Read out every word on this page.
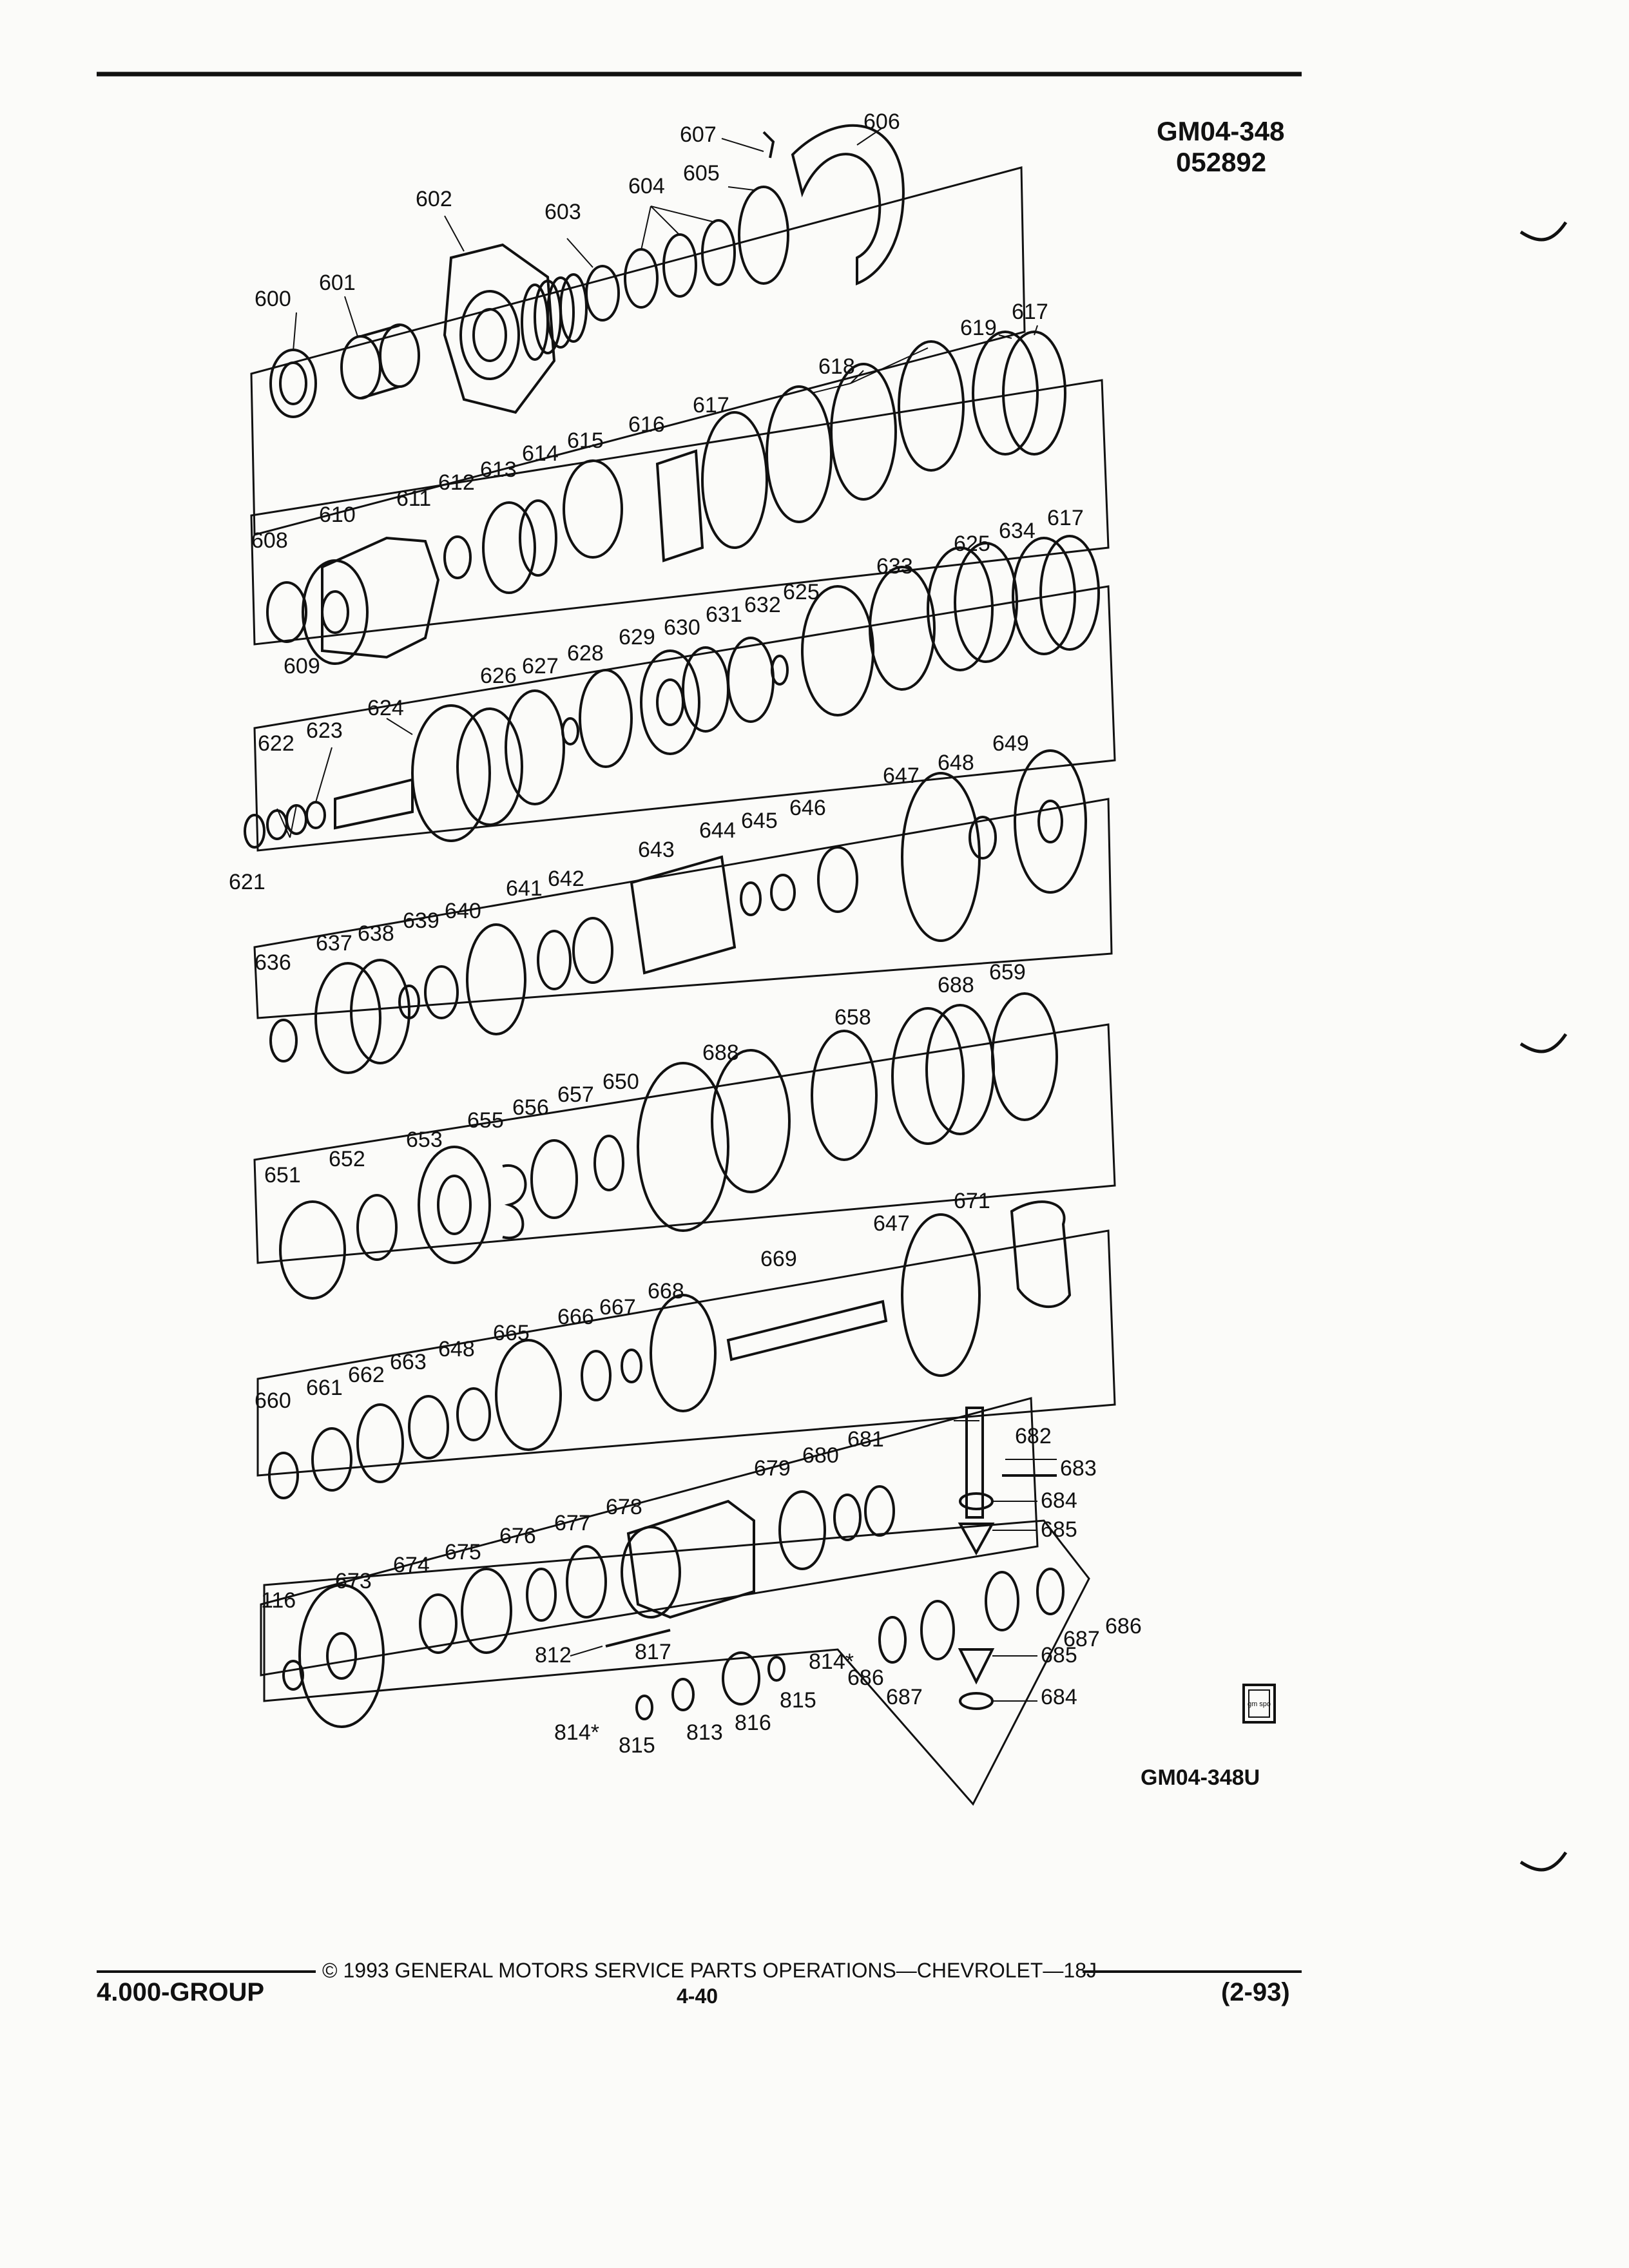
600
601
602
603
604
605
606
607
608
609
610
611
612
613
614
615
616
617
618
619
617
621
622
623
624
625
626 627
628
629 630
631 632
625
633
634
617
636
637 638
639 640
641 642
643
644 645
646
647
648
649
651
652
653
655
656
657
650
688
658
688
659
660
661
662
663
648
665
666 667
668
669
647
671
116
673
674
675
676
677
678
679
680
681	682
683
684
685
812	817
814*
815
813 816
815
814*
686
687
685
684
687
686
gm spo
GM04-348
052892
GM04-348U
© 1993 GENERAL MOTORS SERVICE PARTS OPERATIONS—CHEVROLET—18J
4.000-GROUP	4-40	(2-93)
